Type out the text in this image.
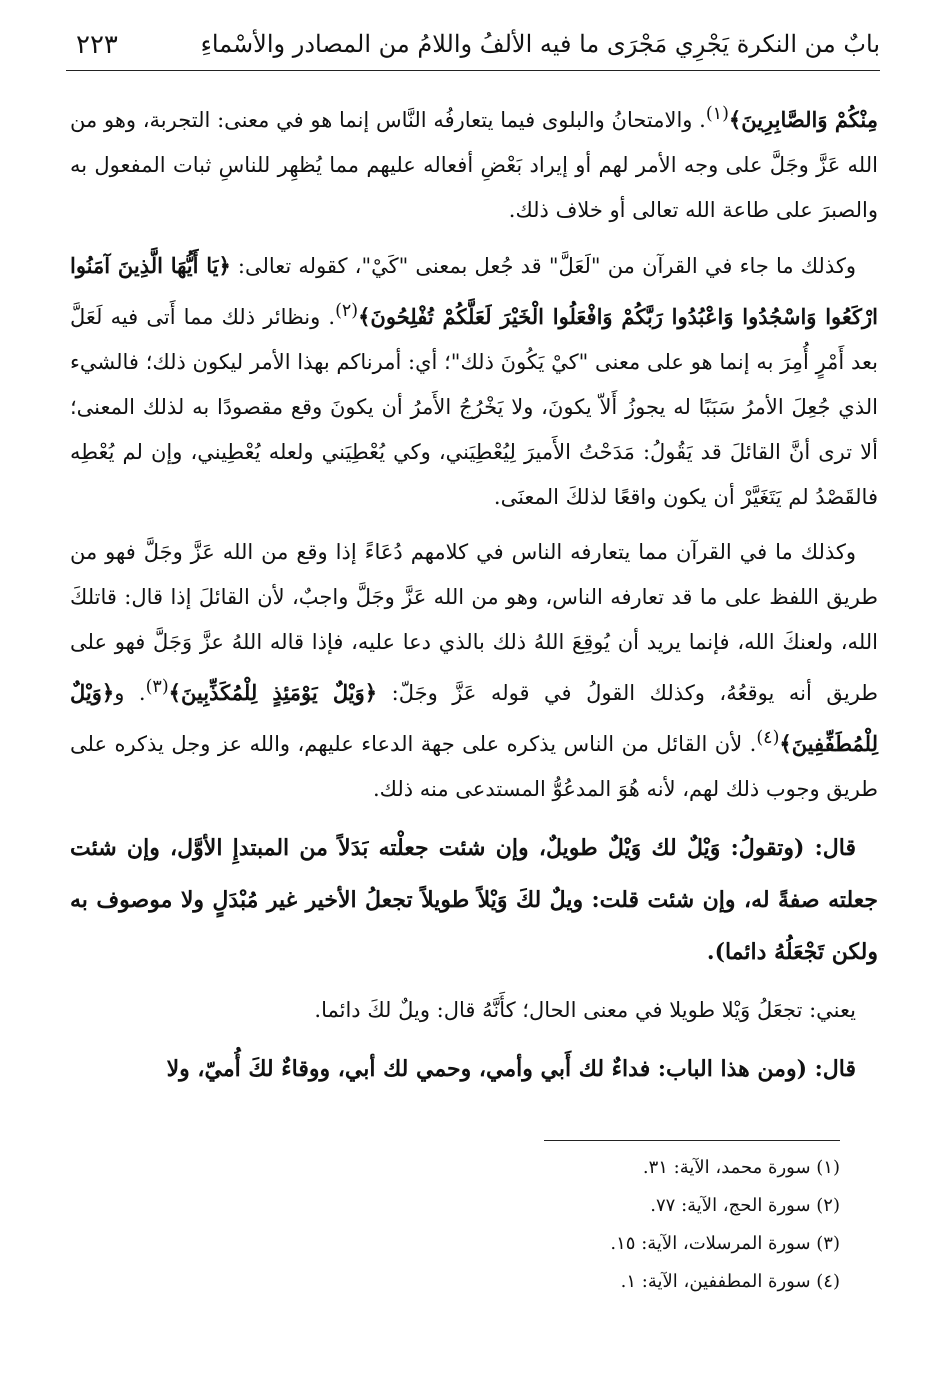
بابٌ من النكرة يَجْرِي مَجْرَى ما فيه الألفُ واللامُ من المصادر والأسْماءِ
٢٢٣

مِنْكُمْ وَالصَّابِرِينَ﴾$^{(١)}$. والامتحانُ والبلوى فيما يتعارفُه النَّاس إنما هو في معنى: التجربة، وهو من الله عَزَّ وجَلَّ على وجه الأمر لهم أو إيراد بَعْضِ أفعاله عليهم مما يُظهِر للناسِ ثبات المفعول به والصبرَ على طاعة الله تعالى أو خلاف ذلك.

وكذلك ما جاء في القرآن من "لَعَلَّ" قد جُعل بمعنى "كَيْ"، كقوله تعالى: ﴿يَا أَيُّهَا الَّذِينَ آمَنُوا ارْكَعُوا وَاسْجُدُوا وَاعْبُدُوا رَبَّكُمْ وَافْعَلُوا الْخَيْرَ لَعَلَّكُمْ تُفْلِحُونَ﴾$^{(٢)}$. ونظائر ذلك مما أَتى فيه لَعَلَّ بعد أَمْرٍ أُمِرَ به إنما هو على معنى "كيْ يَكُونَ ذلك"؛ أي: أمرناكم بهذا الأمر ليكون ذلك؛ فالشيء الذي جُعِلَ الأمرُ سَبَبًا له يجوزُ أَلاّ يكونَ، ولا يَخْرُجُ الأَمرُ أن يكونَ وقع مقصودًا به لذلك المعنى؛ ألا ترى أنَّ القائلَ قد يَقُولُ: مَدَحْتُ الأَميرَ لِيُعْطِيَني، وكي يُعْطِيَني ولعله يُعْطِيني، وإن لم يُعْطِه فالقَصْدُ لم يَتَغَيَّرْ أن يكون واقعًا لذلكَ المعنَى.

وكذلك ما في القرآن مما يتعارفه الناس في كلامهم دُعَاءً إذا وقع من الله عَزَّ وجَلَّ فهو من طريق اللفظ على ما قد تعارفه الناس، وهو من الله عَزَّ وجَلَّ واجبٌ، لأن القائلَ إذا قال: قاتلكَ الله، ولعنكَ الله، فإنما يريد أن يُوقِعَ اللهُ ذلك بالذي دعا عليه، فإذا قاله اللهُ عزَّ وَجَلَّ فهو على طريق أنه يوقعُهُ، وكذلك القولُ في قوله عَزَّ وجَلّ: ﴿وَيْلٌ يَوْمَئِذٍ لِلْمُكَذِّبِينَ﴾$^{(٣)}$. و﴿وَيْلٌ لِلْمُطَفِّفِينَ﴾$^{(٤)}$. لأن القائل من الناس يذكره على جهة الدعاء عليهم، والله عز وجل يذكره على طريق وجوب ذلك لهم، لأنه هُوَ المدعُوُّ المستدعى منه ذلك.

قال: (وتقولُ: وَيْلٌ لك وَيْلٌ طويلٌ، وإن شئت جعلْته بَدَلاً من المبتدإِ الأوَّل، وإن شئت جعلته صفةً له، وإن شئت قلت: ويلٌ لكَ وَيْلاً طويلاً تجعلُ الأخير غير مُبْدَلٍ ولا موصوف به ولكن تَجْعَلُهُ دائما).

يعني: تجعَلُ وَيْلا طويلا في معنى الحال؛ كأَنَّهُ قال: ويلٌ لكَ دائما.

قال: (ومن هذا الباب: فداءٌ لك أَبي وأمي، وحمي لك أبي، ووقاءٌ لكَ أُميّ، ولا

(١) سورة محمد، الآية: ٣١.
(٢) سورة الحج، الآية: ٧٧.
(٣) سورة المرسلات، الآية: ١٥.
(٤) سورة المطففين، الآية: ١.
